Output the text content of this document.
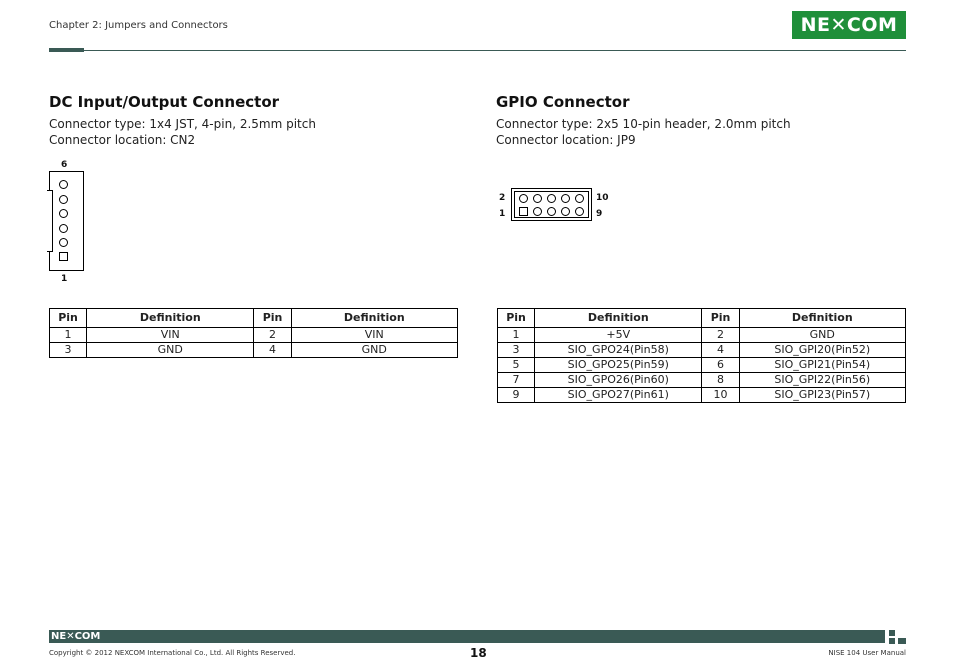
Chapter 2: Jumpers and Connectors	NE✕COM
DC Input/Output Connector
Connector type: 1x4 JST, 4-pin, 2.5mm pitch
Connector location: CN2
6
1
Pin	Definition	Pin	Definition
1	VIN	2	VIN
3	GND	4	GND
GPIO Connector
Connector type: 2x5 10-pin header, 2.0mm pitch
Connector location: JP9
2
1
10
9
Pin	Definition	Pin	Definition
1	+5V	2	GND
3	SIO_GPO24(Pin58)	4	SIO_GPI20(Pin52)
5	SIO_GPO25(Pin59)	6	SIO_GPI21(Pin54)
7	SIO_GPO26(Pin60)	8	SIO_GPI22(Pin56)
9	SIO_GPO27(Pin61)	10	SIO_GPI23(Pin57)
NE✕COM
Copyright © 2012 NEXCOM International Co., Ltd. All Rights Reserved.	18	NISE 104 User Manual
